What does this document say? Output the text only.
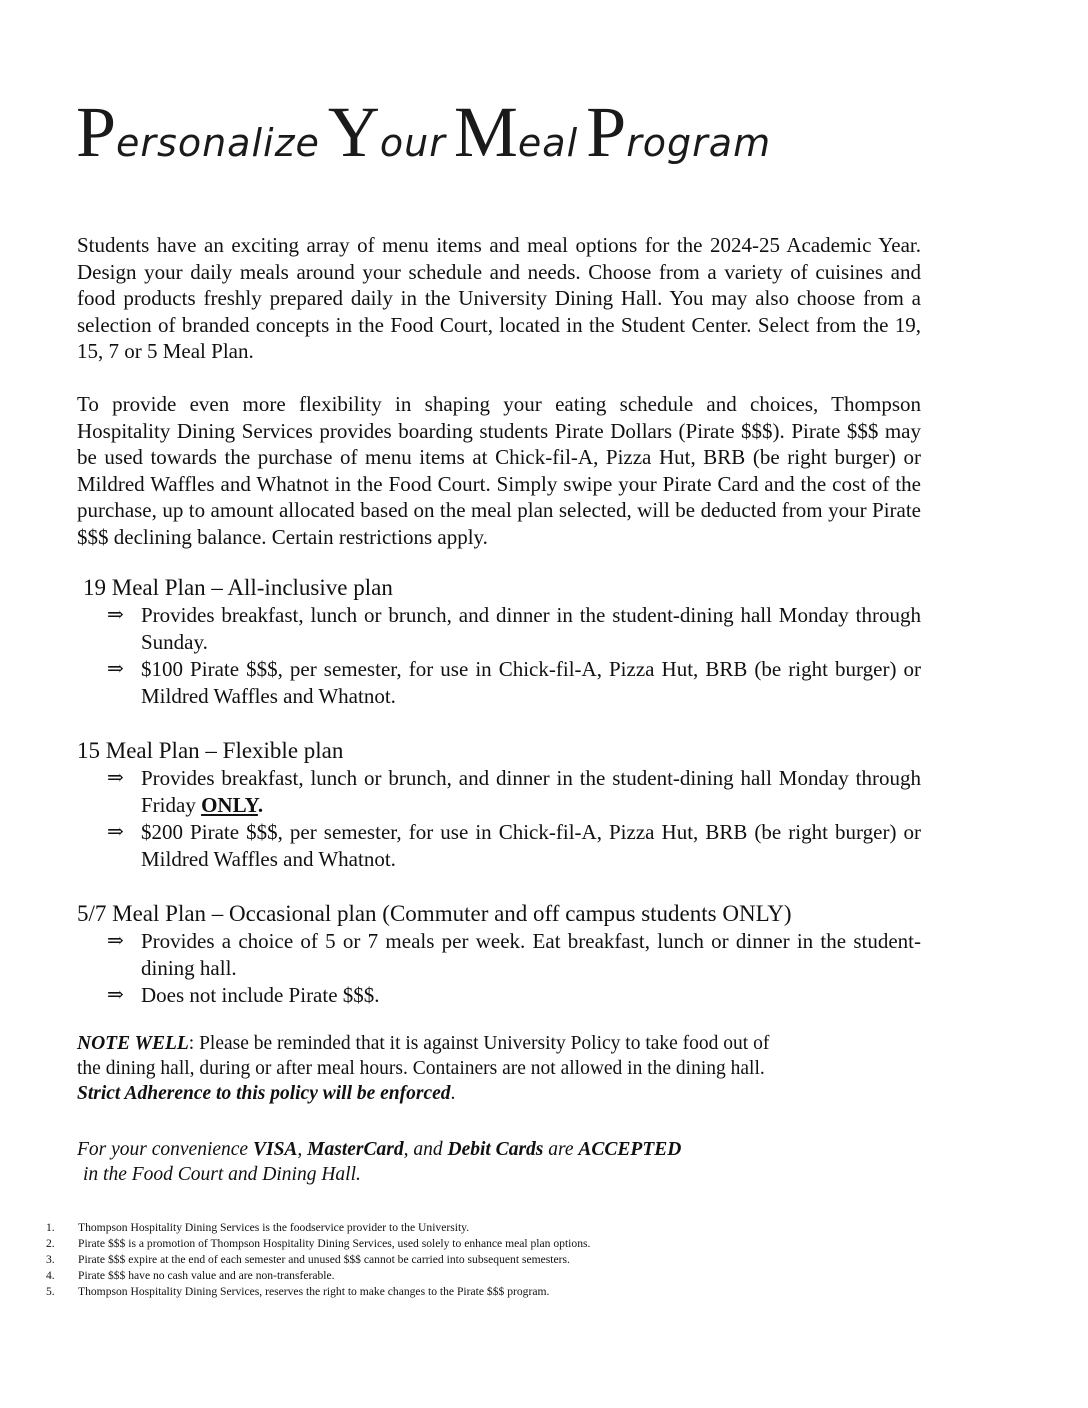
Personalize Your Meal Program

Students have an exciting array of menu items and meal options for the 2024-25 Academic Year. Design your daily meals around your schedule and needs. Choose from a variety of cuisines and food products freshly prepared daily in the University Dining Hall. You may also choose from a selection of branded concepts in the Food Court, located in the Student Center. Select from the 19, 15, 7 or 5 Meal Plan.

To provide even more flexibility in shaping your eating schedule and choices, Thompson Hospitality Dining Services provides boarding students Pirate Dollars (Pirate $$$). Pirate $$$ may be used towards the purchase of menu items at Chick-fil-A, Pizza Hut, BRB (be right burger) or Mildred Waffles and Whatnot in the Food Court. Simply swipe your Pirate Card and the cost of the purchase, up to amount allocated based on the meal plan selected, will be deducted from your Pirate $$$ declining balance. Certain restrictions apply.

19 Meal Plan – All-inclusive plan

⇒ Provides breakfast, lunch or brunch, and dinner in the student-dining hall Monday through Sunday.
⇒ $100 Pirate $$$, per semester, for use in Chick-fil-A, Pizza Hut, BRB (be right burger) or Mildred Waffles and Whatnot.

15 Meal Plan – Flexible plan

⇒ Provides breakfast, lunch or brunch, and dinner in the student-dining hall Monday through Friday ONLY.
⇒ $200 Pirate $$$, per semester, for use in Chick-fil-A, Pizza Hut, BRB (be right burger) or Mildred Waffles and Whatnot.

5/7 Meal Plan – Occasional plan (Commuter and off campus students ONLY)

⇒ Provides a choice of 5 or 7 meals per week. Eat breakfast, lunch or dinner in the student-dining hall.
⇒ Does not include Pirate $$$.

NOTE WELL: Please be reminded that it is against University Policy to take food out of the dining hall, during or after meal hours. Containers are not allowed in the dining hall. Strict Adherence to this policy will be enforced.

For your convenience VISA, MasterCard, and Debit Cards are ACCEPTED
in the Food Court and Dining Hall.

1. Thompson Hospitality Dining Services is the foodservice provider to the University.
2. Pirate $$$ is a promotion of Thompson Hospitality Dining Services, used solely to enhance meal plan options.
3. Pirate $$$ expire at the end of each semester and unused $$$ cannot be carried into subsequent semesters.
4. Pirate $$$ have no cash value and are non-transferable.
5. Thompson Hospitality Dining Services, reserves the right to make changes to the Pirate $$$ program.
